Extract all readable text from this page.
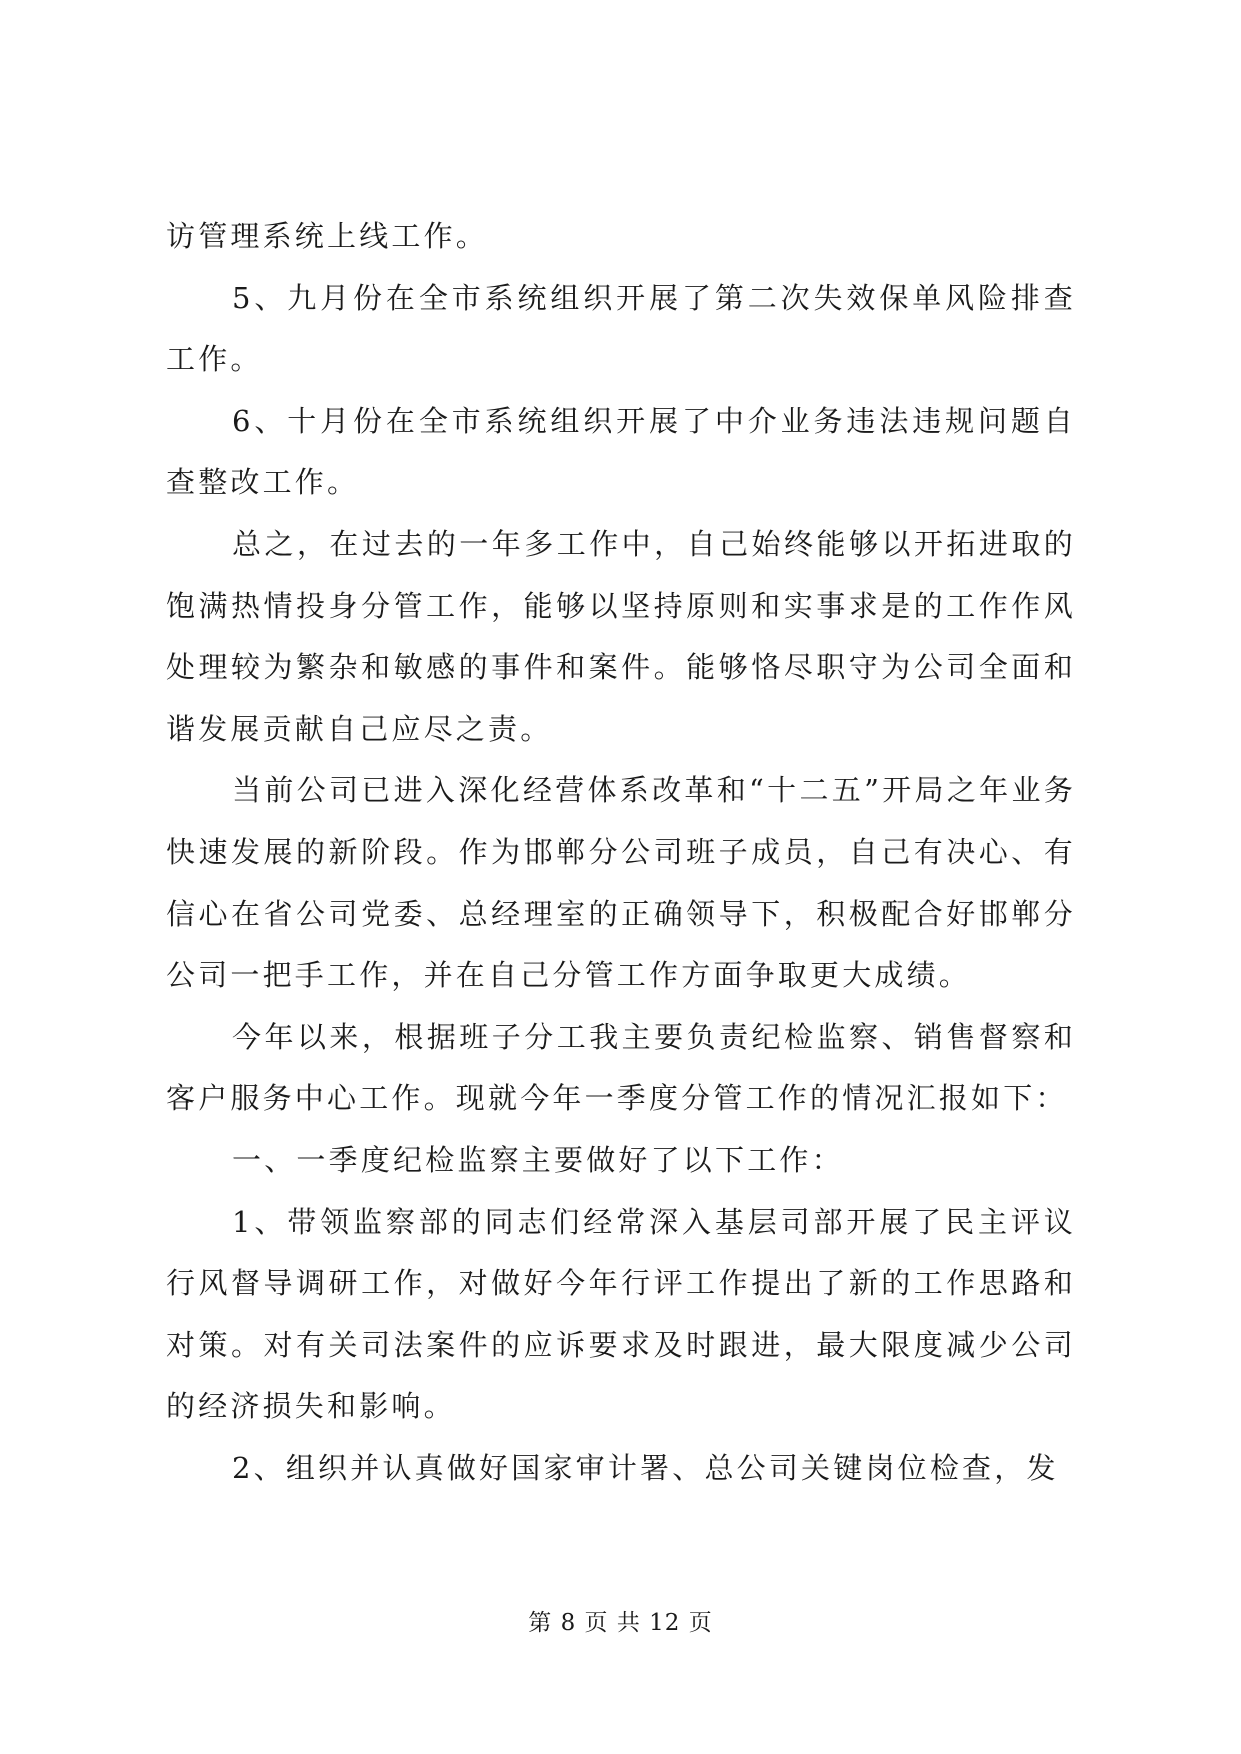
访管理系统上线工作。

5、九月份在全市系统组织开展了第二次失效保单风险排查工作。

6、十月份在全市系统组织开展了中介业务违法违规问题自查整改工作。

总之，在过去的一年多工作中，自己始终能够以开拓进取的饱满热情投身分管工作，能够以坚持原则和实事求是的工作作风处理较为繁杂和敏感的事件和案件。能够恪尽职守为公司全面和谐发展贡献自己应尽之责。

当前公司已进入深化经营体系改革和“十二五”开局之年业务快速发展的新阶段。作为邯郸分公司班子成员，自己有决心、有信心在省公司党委、总经理室的正确领导下，积极配合好邯郸分公司一把手工作，并在自己分管工作方面争取更大成绩。

今年以来，根据班子分工我主要负责纪检监察、销售督察和客户服务中心工作。现就今年一季度分管工作的情况汇报如下：

一、一季度纪检监察主要做好了以下工作：

1、带领监察部的同志们经常深入基层司部开展了民主评议行风督导调研工作，对做好今年行评工作提出了新的工作思路和对策。对有关司法案件的应诉要求及时跟进，最大限度减少公司的经济损失和影响。

2、组织并认真做好国家审计署、总公司关键岗位检查，发

第 8 页 共 12 页
